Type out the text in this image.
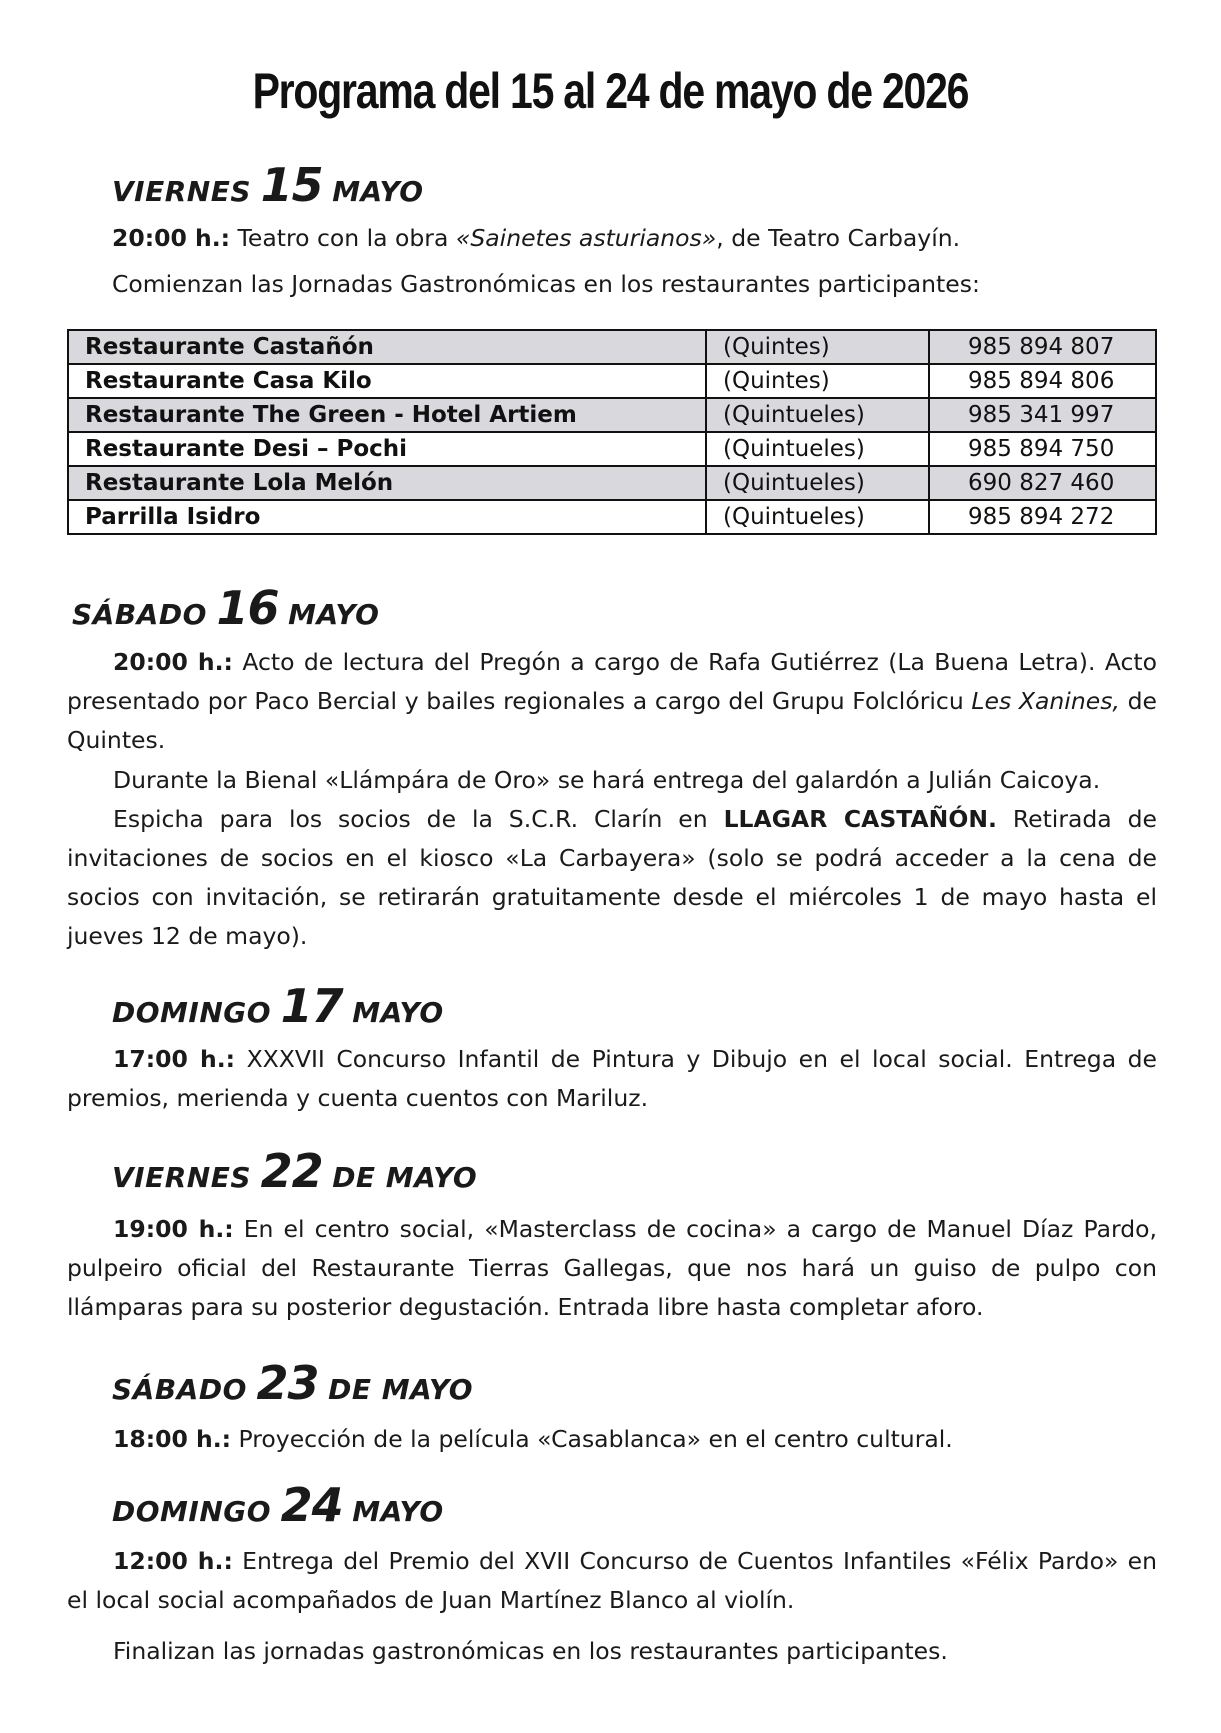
Programa del 15 al 24 de mayo de 2026
VIERNES 15 MAYO
20:00 h.: Teatro con la obra «Sainetes asturianos», de Teatro Carbayín.
Comienzan las Jornadas Gastronómicas en los restaurantes participantes:
Restaurante Castañón	(Quintes)	985 894 807
Restaurante Casa Kilo	(Quintes)	985 894 806
Restaurante The Green - Hotel Artiem	(Quintueles)	985 341 997
Restaurante Desi – Pochi	(Quintueles)	985 894 750
Restaurante Lola Melón	(Quintueles)	690 827 460
Parrilla Isidro	(Quintueles)	985 894 272
SÁBADO 16 MAYO
20:00 h.: Acto de lectura del Pregón a cargo de Rafa Gutiérrez (La Buena Letra). Acto presentado por Paco Bercial y bailes regionales a cargo del Grupu Folclóricu Les Xanines, de Quintes.
Durante la Bienal «Llámpára de Oro» se hará entrega del galardón a Julián Caicoya.
Espicha para los socios de la S.C.R. Clarín en LLAGAR CASTAÑÓN. Retirada de invitaciones de socios en el kiosco «La Carbayera» (solo se podrá acceder a la cena de socios con invitación, se retirarán gratuitamente desde el miércoles 1 de mayo hasta el jueves 12 de mayo).
DOMINGO 17 MAYO
17:00 h.: XXXVII Concurso Infantil de Pintura y Dibujo en el local social. Entrega de premios, merienda y cuenta cuentos con Mariluz.
VIERNES 22 DE MAYO
19:00 h.: En el centro social, «Masterclass de cocina» a cargo de Manuel Díaz Pardo, pulpeiro oficial del Restaurante Tierras Gallegas, que nos hará un guiso de pulpo con llámparas para su posterior degustación. Entrada libre hasta completar aforo.
SÁBADO 23 DE MAYO
18:00 h.: Proyección de la película «Casablanca» en el centro cultural.
DOMINGO 24 MAYO
12:00 h.: Entrega del Premio del XVII Concurso de Cuentos Infantiles «Félix Pardo» en el local social acompañados de Juan Martínez Blanco al violín.
Finalizan las jornadas gastronómicas en los restaurantes participantes.
